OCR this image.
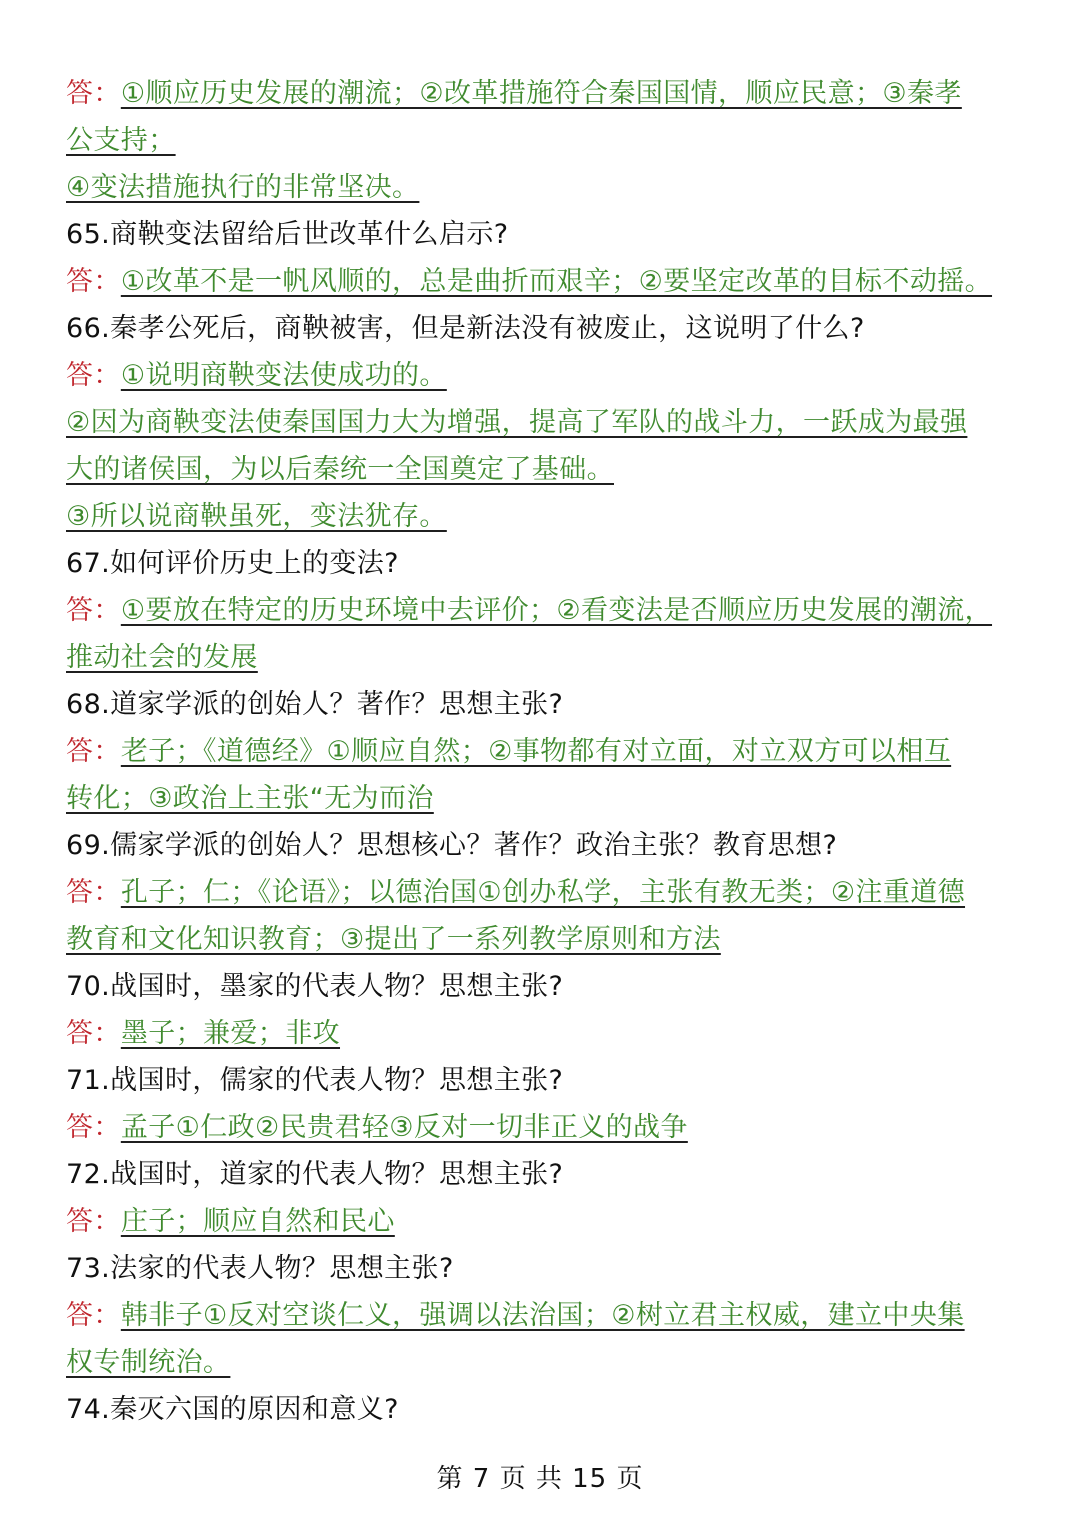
答：①顺应历史发展的潮流；②改革措施符合秦国国情，顺应民意；③秦孝
公支持；
④变法措施执行的非常坚决。
65.商鞅变法留给后世改革什么启示?
答：①改革不是一帆风顺的，总是曲折而艰辛；②要坚定改革的目标不动摇。
66.秦孝公死后，商鞅被害，但是新法没有被废止，这说明了什么?
答：①说明商鞅变法使成功的。
②因为商鞅变法使秦国国力大为增强，提高了军队的战斗力，一跃成为最强
大的诸侯国，为以后秦统一全国奠定了基础。
③所以说商鞅虽死，变法犹存。
67.如何评价历史上的变法?
答：①要放在特定的历史环境中去评价；②看变法是否顺应历史发展的潮流，
推动社会的发展
68.道家学派的创始人？著作？思想主张?
答：老子；《道德经》①顺应自然；②事物都有对立面，对立双方可以相互
转化；③政治上主张“无为而治
69.儒家学派的创始人？思想核心？著作？政治主张？教育思想?
答：孔子；仁；《论语》；以德治国①创办私学，主张有教无类；②注重道德
教育和文化知识教育；③提出了一系列教学原则和方法
70.战国时，墨家的代表人物？思想主张?
答：墨子；兼爱；非攻
71.战国时，儒家的代表人物？思想主张?
答：孟子①仁政②民贵君轻③反对一切非正义的战争
72.战国时，道家的代表人物？思想主张?
答：庄子；顺应自然和民心
73.法家的代表人物？思想主张?
答：韩非子①反对空谈仁义，强调以法治国；②树立君主权威，建立中央集
权专制统治。
74.秦灭六国的原因和意义?
第 7 页 共 15 页
